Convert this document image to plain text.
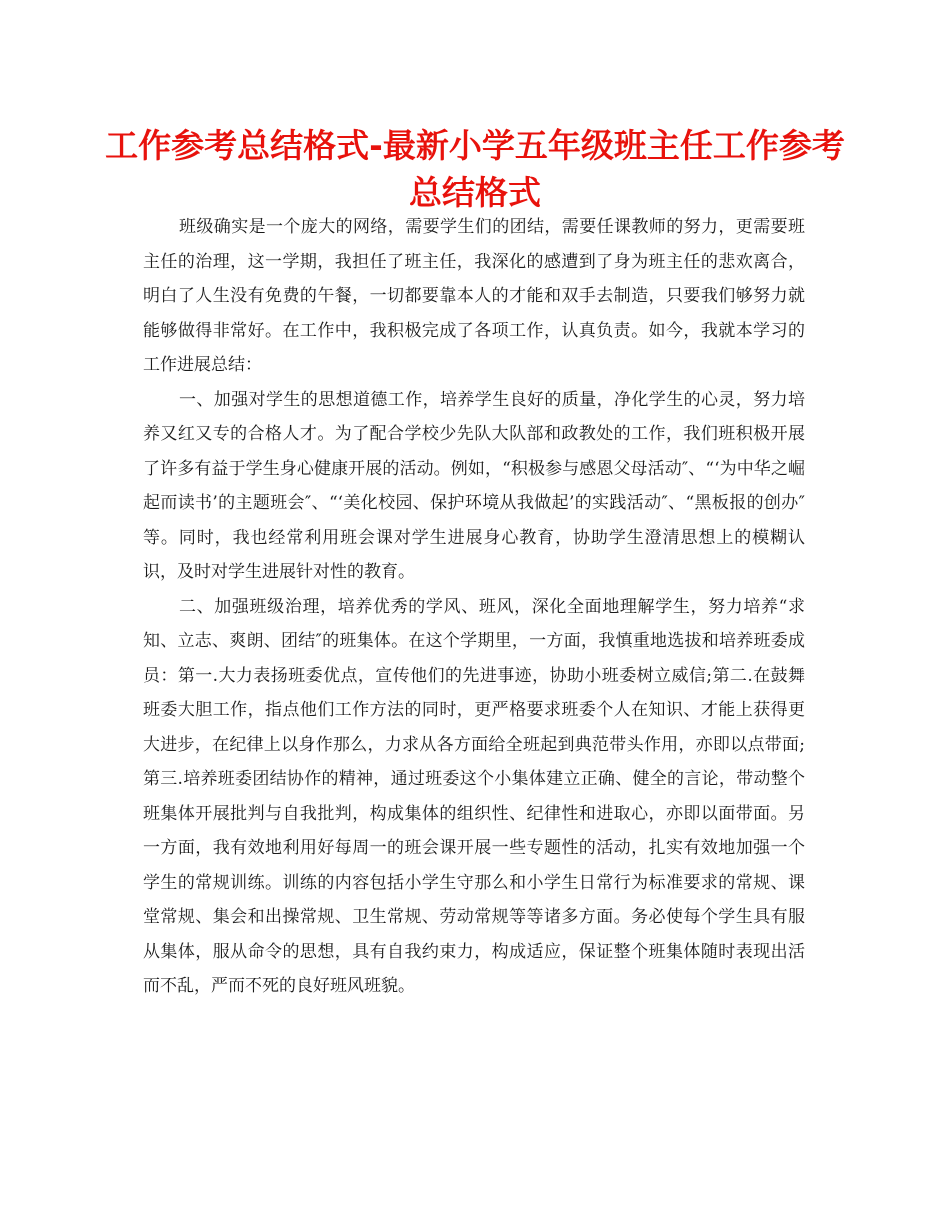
工作参考总结格式-最新小学五年级班主任工作参考总结格式

班级确实是一个庞大的网络，需要学生们的团结，需要任课教师的努力，更需要班主任的治理，这一学期，我担任了班主任，我深化的感遭到了身为班主任的悲欢离合，明白了人生没有免费的午餐，一切都要靠本人的才能和双手去制造，只要我们够努力就能够做得非常好。在工作中，我积极完成了各项工作，认真负责。如今，我就本学习的工作进展总结：

一、加强对学生的思想道德工作，培养学生良好的质量，净化学生的心灵，努力培养又红又专的合格人才。为了配合学校少先队大队部和政教处的工作，我们班积极开展了许多有益于学生身心健康开展的活动。例如，“积极参与感恩父母活动″、“‘为中华之崛起而读书’的主题班会″、“‘美化校园、保护环境从我做起’的实践活动″、“黑板报的创办″等。同时，我也经常利用班会课对学生进展身心教育，协助学生澄清思想上的模糊认识，及时对学生进展针对性的教育。

二、加强班级治理，培养优秀的学风、班风，深化全面地理解学生，努力培养“求知、立志、爽朗、团结″的班集体。在这个学期里，一方面，我慎重地选拔和培养班委成员：第一.大力表扬班委优点，宣传他们的先进事迹，协助小班委树立威信;第二.在鼓舞班委大胆工作，指点他们工作方法的同时，更严格要求班委个人在知识、才能上获得更大进步，在纪律上以身作那么，力求从各方面给全班起到典范带头作用，亦即以点带面;第三.培养班委团结协作的精神，通过班委这个小集体建立正确、健全的言论，带动整个班集体开展批判与自我批判，构成集体的组织性、纪律性和进取心，亦即以面带面。另一方面，我有效地利用好每周一的班会课开展一些专题性的活动，扎实有效地加强一个学生的常规训练。训练的内容包括小学生守那么和小学生日常行为标准要求的常规、课堂常规、集会和出操常规、卫生常规、劳动常规等等诸多方面。务必使每个学生具有服从集体，服从命令的思想，具有自我约束力，构成适应，保证整个班集体随时表现出活而不乱，严而不死的良好班风班貌。
